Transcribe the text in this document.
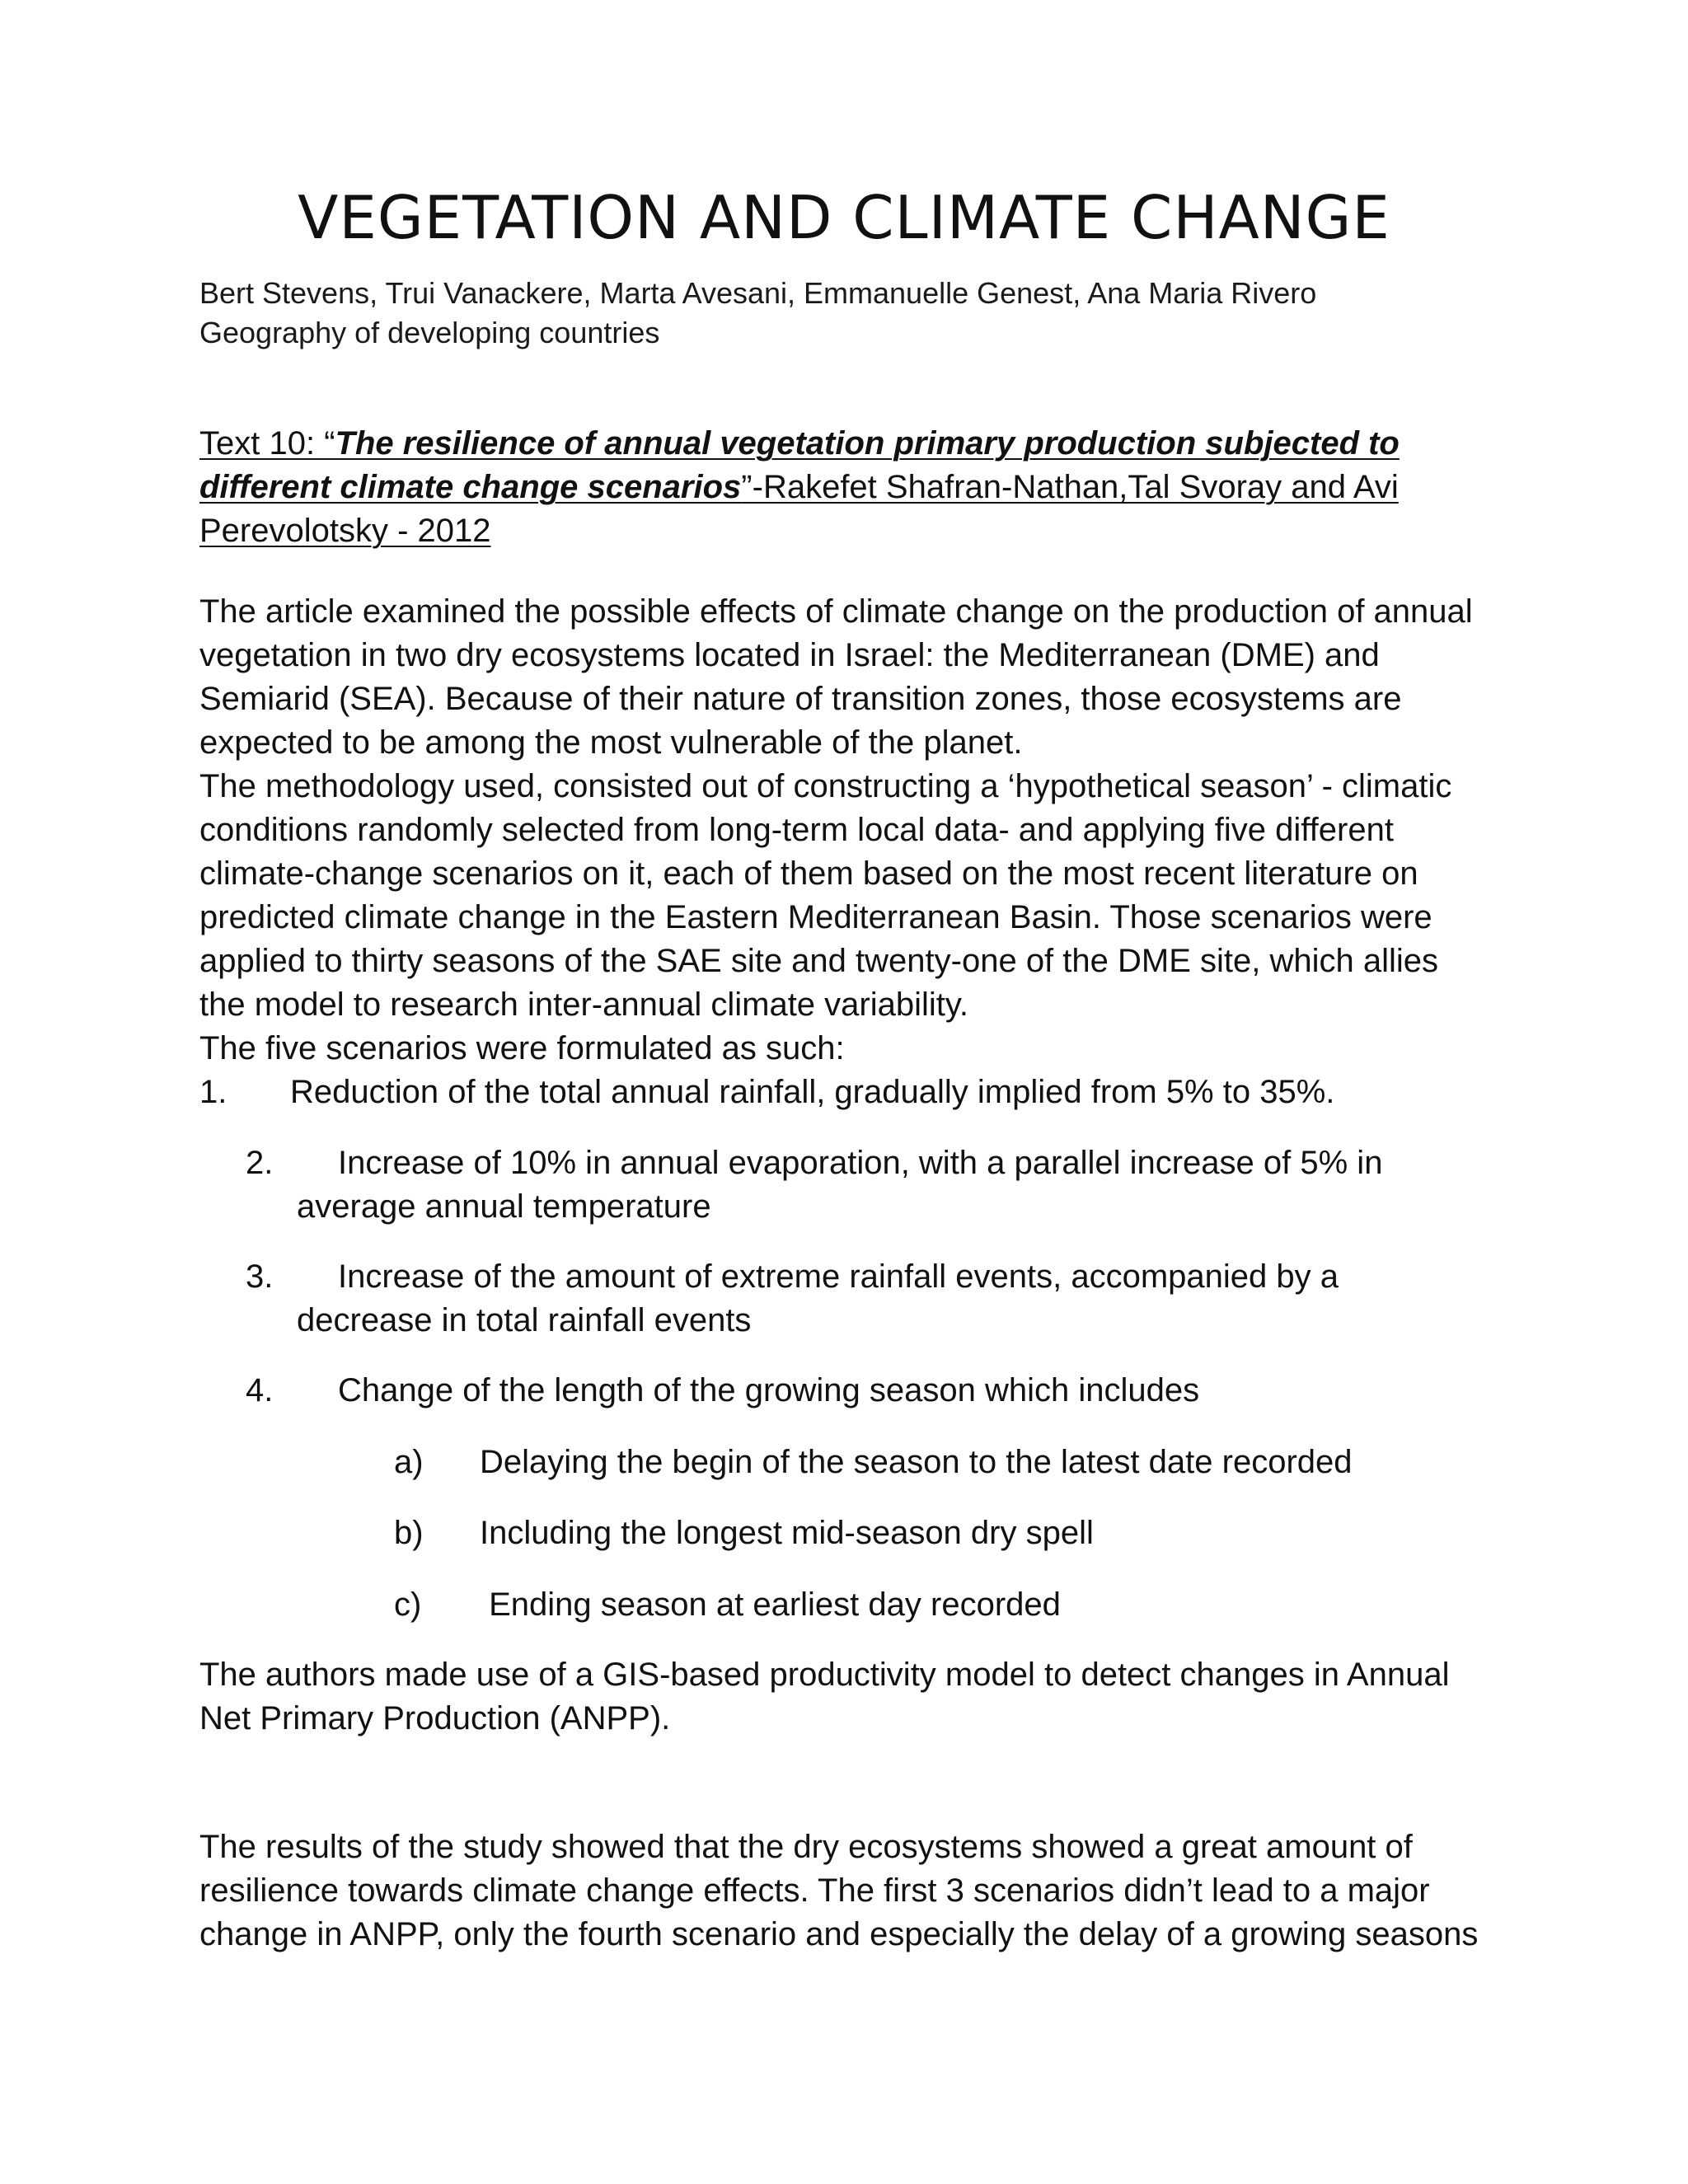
VEGETATION AND CLIMATE CHANGE
Bert Stevens, Trui Vanackere, Marta Avesani, Emmanuelle Genest, Ana Maria Rivero
Geography of developing countries
Text 10: “The resilience of annual vegetation primary production subjected to
different climate change scenarios”-Rakefet Shafran-Nathan,Tal Svoray and Avi
Perevolotsky - 2012
The article examined the possible effects of climate change on the production of annual
vegetation in two dry ecosystems located in Israel: the Mediterranean (DME) and
Semiarid (SEA). Because of their nature of transition zones, those ecosystems are
expected to be among the most vulnerable of the planet.
The methodology used, consisted out of constructing a ‘hypothetical season’ - climatic
conditions randomly selected from long-term local data- and applying five different
climate-change scenarios on it, each of them based on the most recent literature on
predicted climate change in the Eastern Mediterranean Basin. Those scenarios were
applied to thirty seasons of the SAE site and twenty-one of the DME site, which allies
the model to research inter-annual climate variability.
The five scenarios were formulated as such:
1. Reduction of the total annual rainfall, gradually implied from 5% to 35%.
2. Increase of 10% in annual evaporation, with a parallel increase of 5% in
average annual temperature
3. Increase of the amount of extreme rainfall events, accompanied by a
decrease in total rainfall events
4. Change of the length of the growing season which includes
a) Delaying the begin of the season to the latest date recorded
b) Including the longest mid-season dry spell
c) Ending season at earliest day recorded
The authors made use of a GIS-based productivity model to detect changes in Annual
Net Primary Production (ANPP).
The results of the study showed that the dry ecosystems showed a great amount of
resilience towards climate change effects. The first 3 scenarios didn’t lead to a major
change in ANPP, only the fourth scenario and especially the delay of a growing seasons
